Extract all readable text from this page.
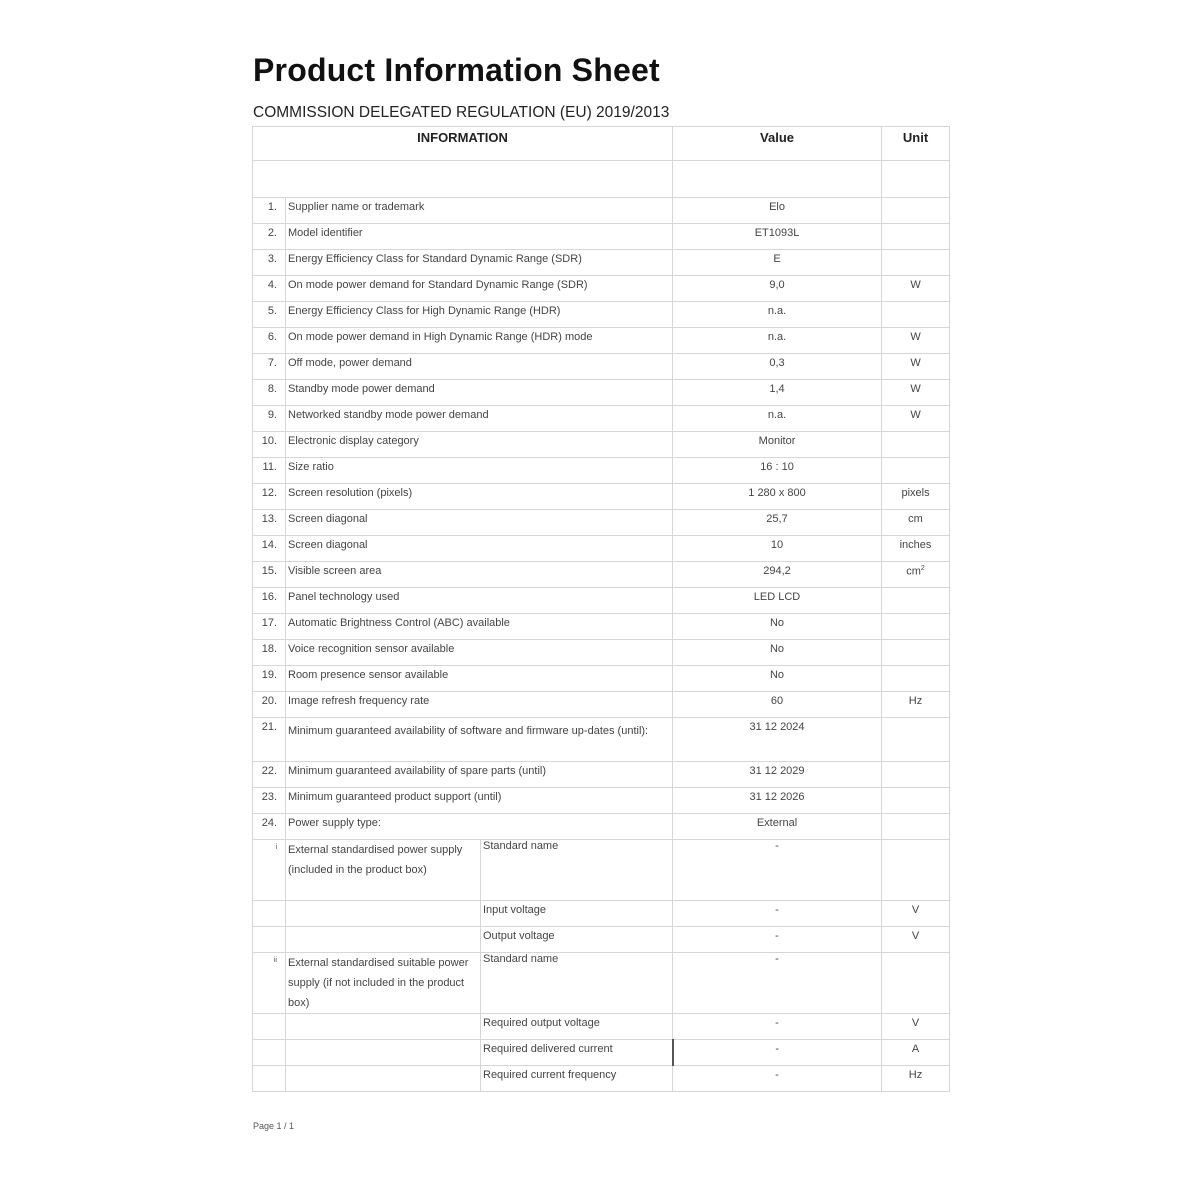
Product Information Sheet
COMMISSION DELEGATED REGULATION (EU) 2019/2013
INFORMATION			Value	Unit

1.	Supplier name or trademark		Elo	
2.	Model identifier		ET1093L	
3.	Energy Efficiency Class for Standard Dynamic Range (SDR)		E	
4.	On mode power demand for Standard Dynamic Range (SDR)		9,0	W
5.	Energy Efficiency Class for High Dynamic Range (HDR)		n.a.	
6.	On mode power demand in High Dynamic Range (HDR) mode		n.a.	W
7.	Off mode, power demand		0,3	W
8.	Standby mode power demand		1,4	W
9.	Networked standby mode power demand		n.a.	W
10.	Electronic display category		Monitor	
11.	Size ratio		16 : 10	
12.	Screen resolution (pixels)		1 280 x 800	pixels
13.	Screen diagonal		25,7	cm
14.	Screen diagonal		10	inches
15.	Visible screen area		294,2	$cm^2$
16.	Panel technology used		LED LCD	
17.	Automatic Brightness Control (ABC) available		No	
18.	Voice recognition sensor available		No	
19.	Room presence sensor available		No	
20.	Image refresh frequency rate		60	Hz
21.	Minimum guaranteed availability of software and firmware up-dates (until):		31 12 2024	
22.	Minimum guaranteed availability of spare parts (until)		31 12 2029	
23.	Minimum guaranteed product support (until)		31 12 2026	
24.	Power supply type:		External	
i	External standardised power supply (included in the product box)	Standard name	-	
		Input voltage	-	V
		Output voltage	-	V
ii	External standardised suitable power supply (if not included in the product box)	Standard name	-	
		Required output voltage	-	V
		Required delivered current	-	A
		Required current frequency	-	Hz
Page 1 / 1
